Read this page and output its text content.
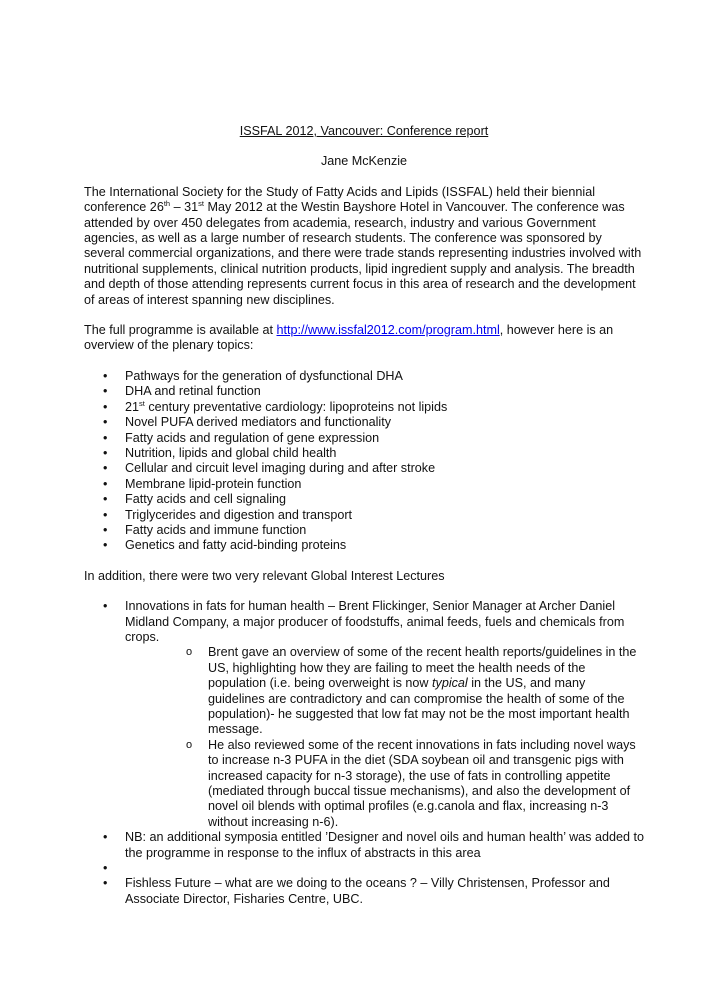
ISSFAL 2012, Vancouver: Conference report
Jane McKenzie

The International Society for the Study of Fatty Acids and Lipids (ISSFAL) held their biennial conference 26th – 31st May 2012 at the Westin Bayshore Hotel in Vancouver. The conference was attended by over 450 delegates from academia, research, industry and various Government agencies, as well as a large number of research students. The conference was sponsored by several commercial organizations, and there were trade stands representing industries involved with nutritional supplements, clinical nutrition products, lipid ingredient supply and analysis. The breadth and depth of those attending represents current focus in this area of research and the development of areas of interest spanning new disciplines.

The full programme is available at http://www.issfal2012.com/program.html, however here is an overview of the plenary topics:

• Pathways for the generation of dysfunctional DHA
• DHA and retinal function
• 21st century preventative cardiology: lipoproteins not lipids
• Novel PUFA derived mediators and functionality
• Fatty acids and regulation of gene expression
• Nutrition, lipids and global child health
• Cellular and circuit level imaging during and after stroke
• Membrane lipid-protein function
• Fatty acids and cell signaling
• Triglycerides and digestion and transport
• Fatty acids and immune function
• Genetics and fatty acid-binding proteins

In addition, there were two very relevant Global Interest Lectures

• Innovations in fats for human health – Brent Flickinger, Senior Manager at Archer Daniel Midland Company, a major producer of foodstuffs, animal feeds, fuels and chemicals from crops.
o Brent gave an overview of some of the recent health reports/guidelines in the US, highlighting how they are failing to meet the health needs of the population (i.e. being overweight is now typical in the US, and many guidelines are contradictory and can compromise the health of some of the population)- he suggested that low fat may not be the most important health message.
o He also reviewed some of the recent innovations in fats including novel ways to increase n-3 PUFA in the diet (SDA soybean oil and transgenic pigs with increased capacity for n-3 storage), the use of fats in controlling appetite (mediated through buccal tissue mechanisms), and also the development of novel oil blends with optimal profiles (e.g.canola and flax, increasing n-3 without increasing n-6).
• NB: an additional symposia entitled ’Designer and novel oils and human health’ was added to the programme in response to the influx of abstracts in this area
•
• Fishless Future – what are we doing to the oceans ? – Villy Christensen, Professor and Associate Director, Fisharies Centre, UBC.
